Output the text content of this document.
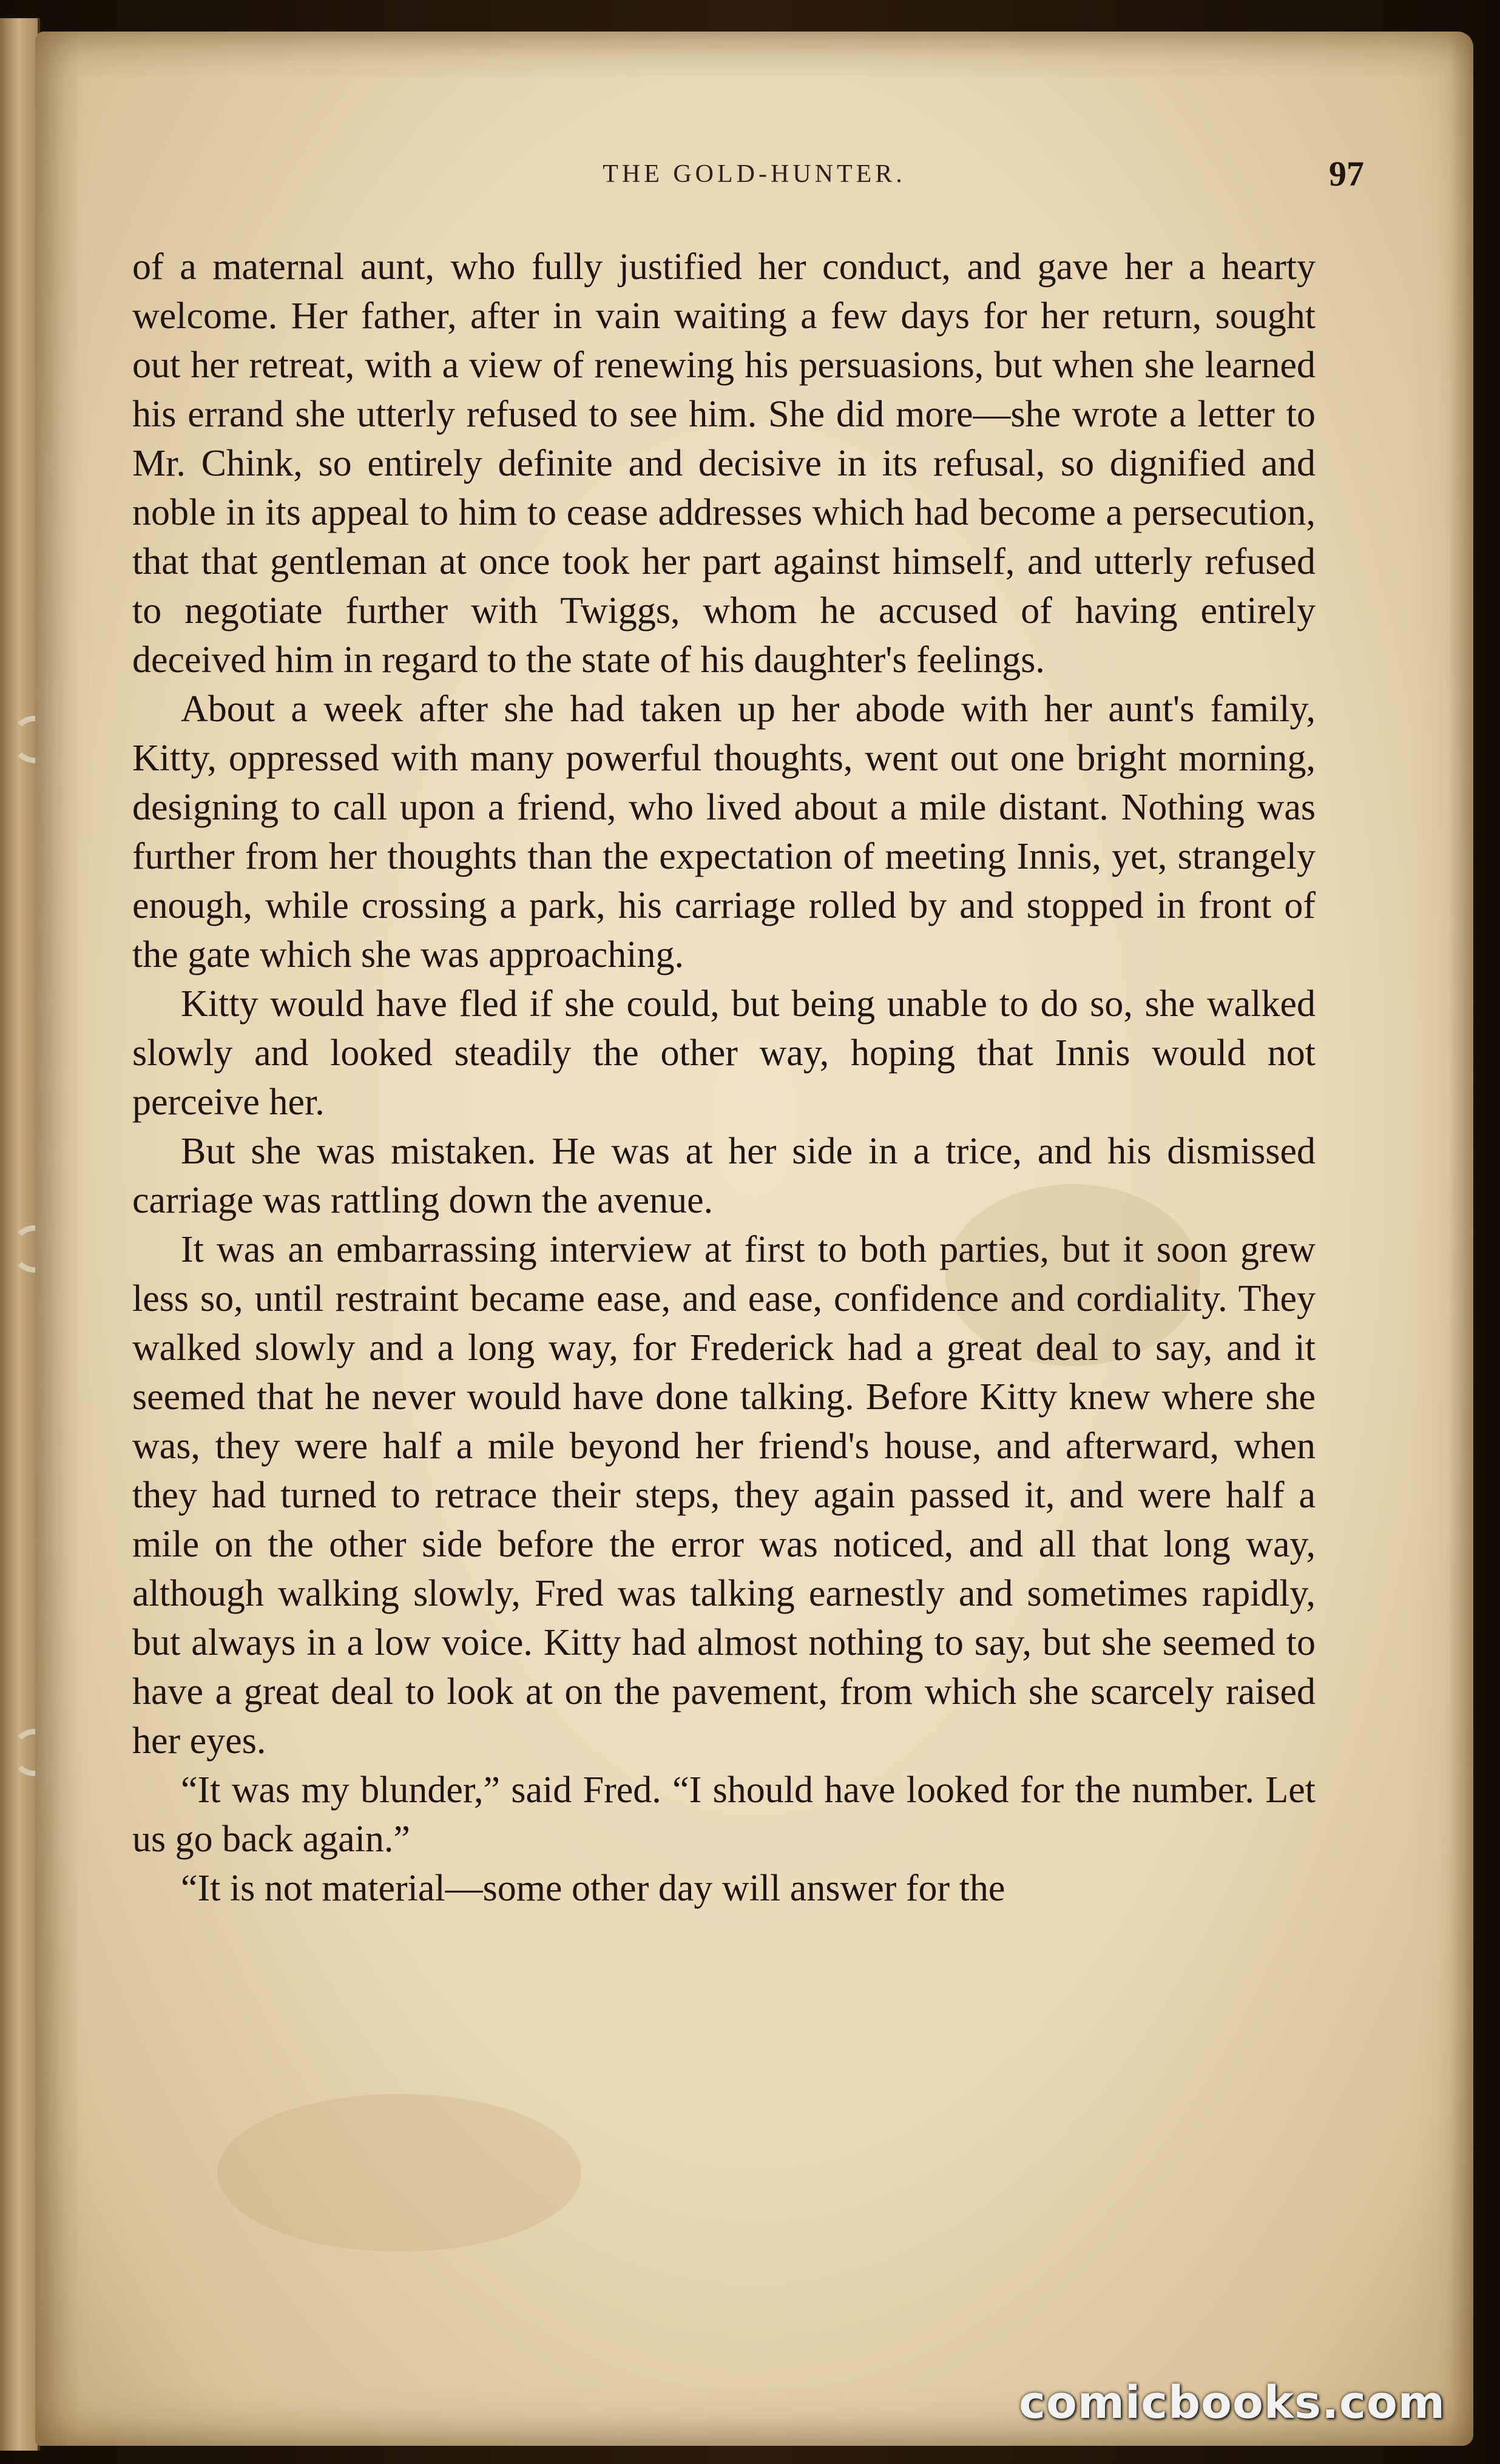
THE GOLD-HUNTER.	97

of a maternal aunt, who fully justified her conduct, and gave her a hearty welcome. Her father, after in vain waiting a few days for her return, sought out her retreat, with a view of renewing his persuasions, but when she learned his errand she utterly refused to see him. She did more—she wrote a letter to Mr. Chink, so entirely definite and decisive in its refusal, so dignified and noble in its appeal to him to cease addresses which had become a persecution, that that gentleman at once took her part against himself, and utterly refused to negotiate further with Twiggs, whom he accused of having entirely deceived him in regard to the state of his daughter's feelings.

About a week after she had taken up her abode with her aunt's family, Kitty, oppressed with many powerful thoughts, went out one bright morning, designing to call upon a friend, who lived about a mile distant. Nothing was further from her thoughts than the expectation of meeting Innis, yet, strangely enough, while crossing a park, his carriage rolled by and stopped in front of the gate which she was approaching.

Kitty would have fled if she could, but being unable to do so, she walked slowly and looked steadily the other way, hoping that Innis would not perceive her.

But she was mistaken. He was at her side in a trice, and his dismissed carriage was rattling down the avenue.

It was an embarrassing interview at first to both parties, but it soon grew less so, until restraint became ease, and ease, confidence and cordiality. They walked slowly and a long way, for Frederick had a great deal to say, and it seemed that he never would have done talking. Before Kitty knew where she was, they were half a mile beyond her friend's house, and afterward, when they had turned to retrace their steps, they again passed it, and were half a mile on the other side before the error was noticed, and all that long way, although walking slowly, Fred was talking earnestly and sometimes rapidly, but always in a low voice. Kitty had almost nothing to say, but she seemed to have a great deal to look at on the pavement, from which she scarcely raised her eyes.

“It was my blunder,” said Fred. “I should have looked for the number. Let us go back again.”

“It is not material—some other day will answer for the

comicbooks.com
